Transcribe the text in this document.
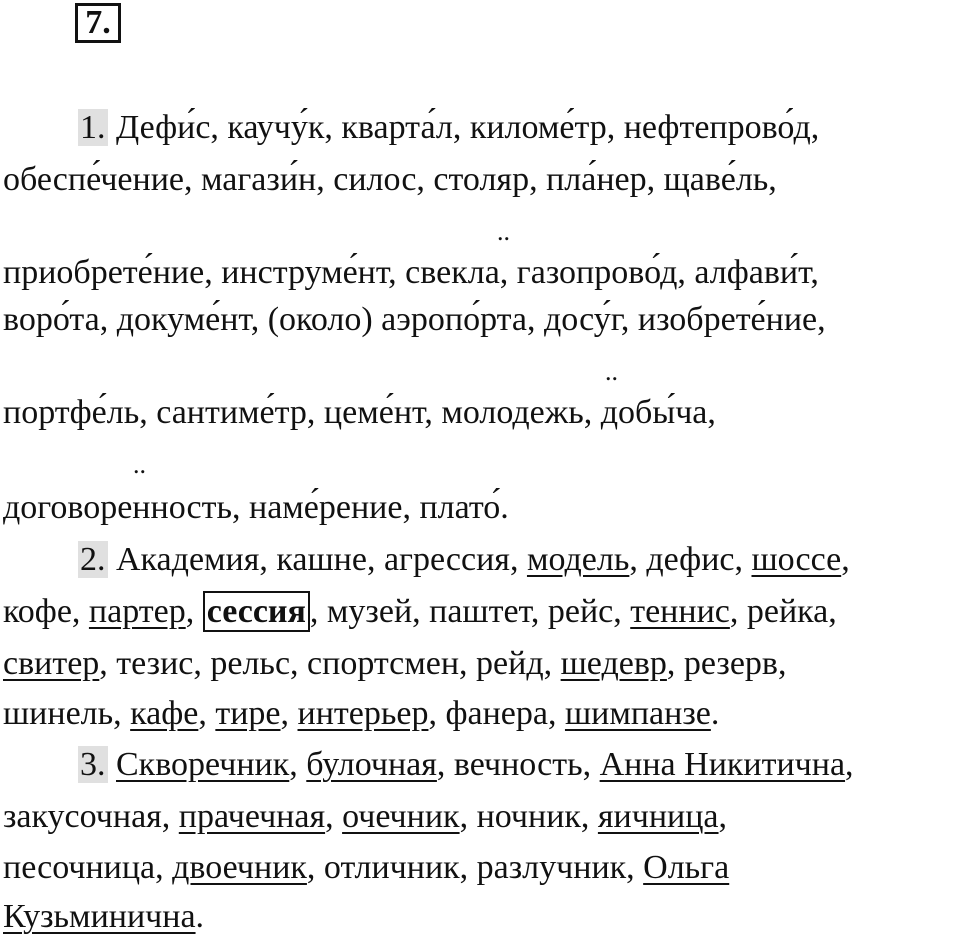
7.
1. Дефи́с, каучу́к, кварта́л, киломе́тр, нефтепрово́д,
обеспе́чение, магази́н, силос, столяр, пла́нер, щаве́ль,
..
приобрете́ние, инструме́нт, свекла, газопрово́д, алфави́т,
воро́та, докуме́нт, (около) аэропо́рта, досу́г, изобрете́ние,
..
портфе́ль, сантиме́тр, цеме́нт, молодежь, добы́ча,
..
договоренность, наме́рение, плато́.
2. Академия, кашне, агрессия, модель, дефис, шоссе,
кофе, партер, сессия , музей, паштет, рейс, теннис, рейка,
свитер, тезис, рельс, спортсмен, рейд, шедевр, резерв,
шинель, кафе, тире, интерьер, фанера, шимпанзе.
3. Скворечник, булочная, вечность, Анна Никитична,
закусочная, прачечная, очечник, ночник, яичница,
песочница, двоечник, отличник, разлучник, Ольга
Кузьминична.
